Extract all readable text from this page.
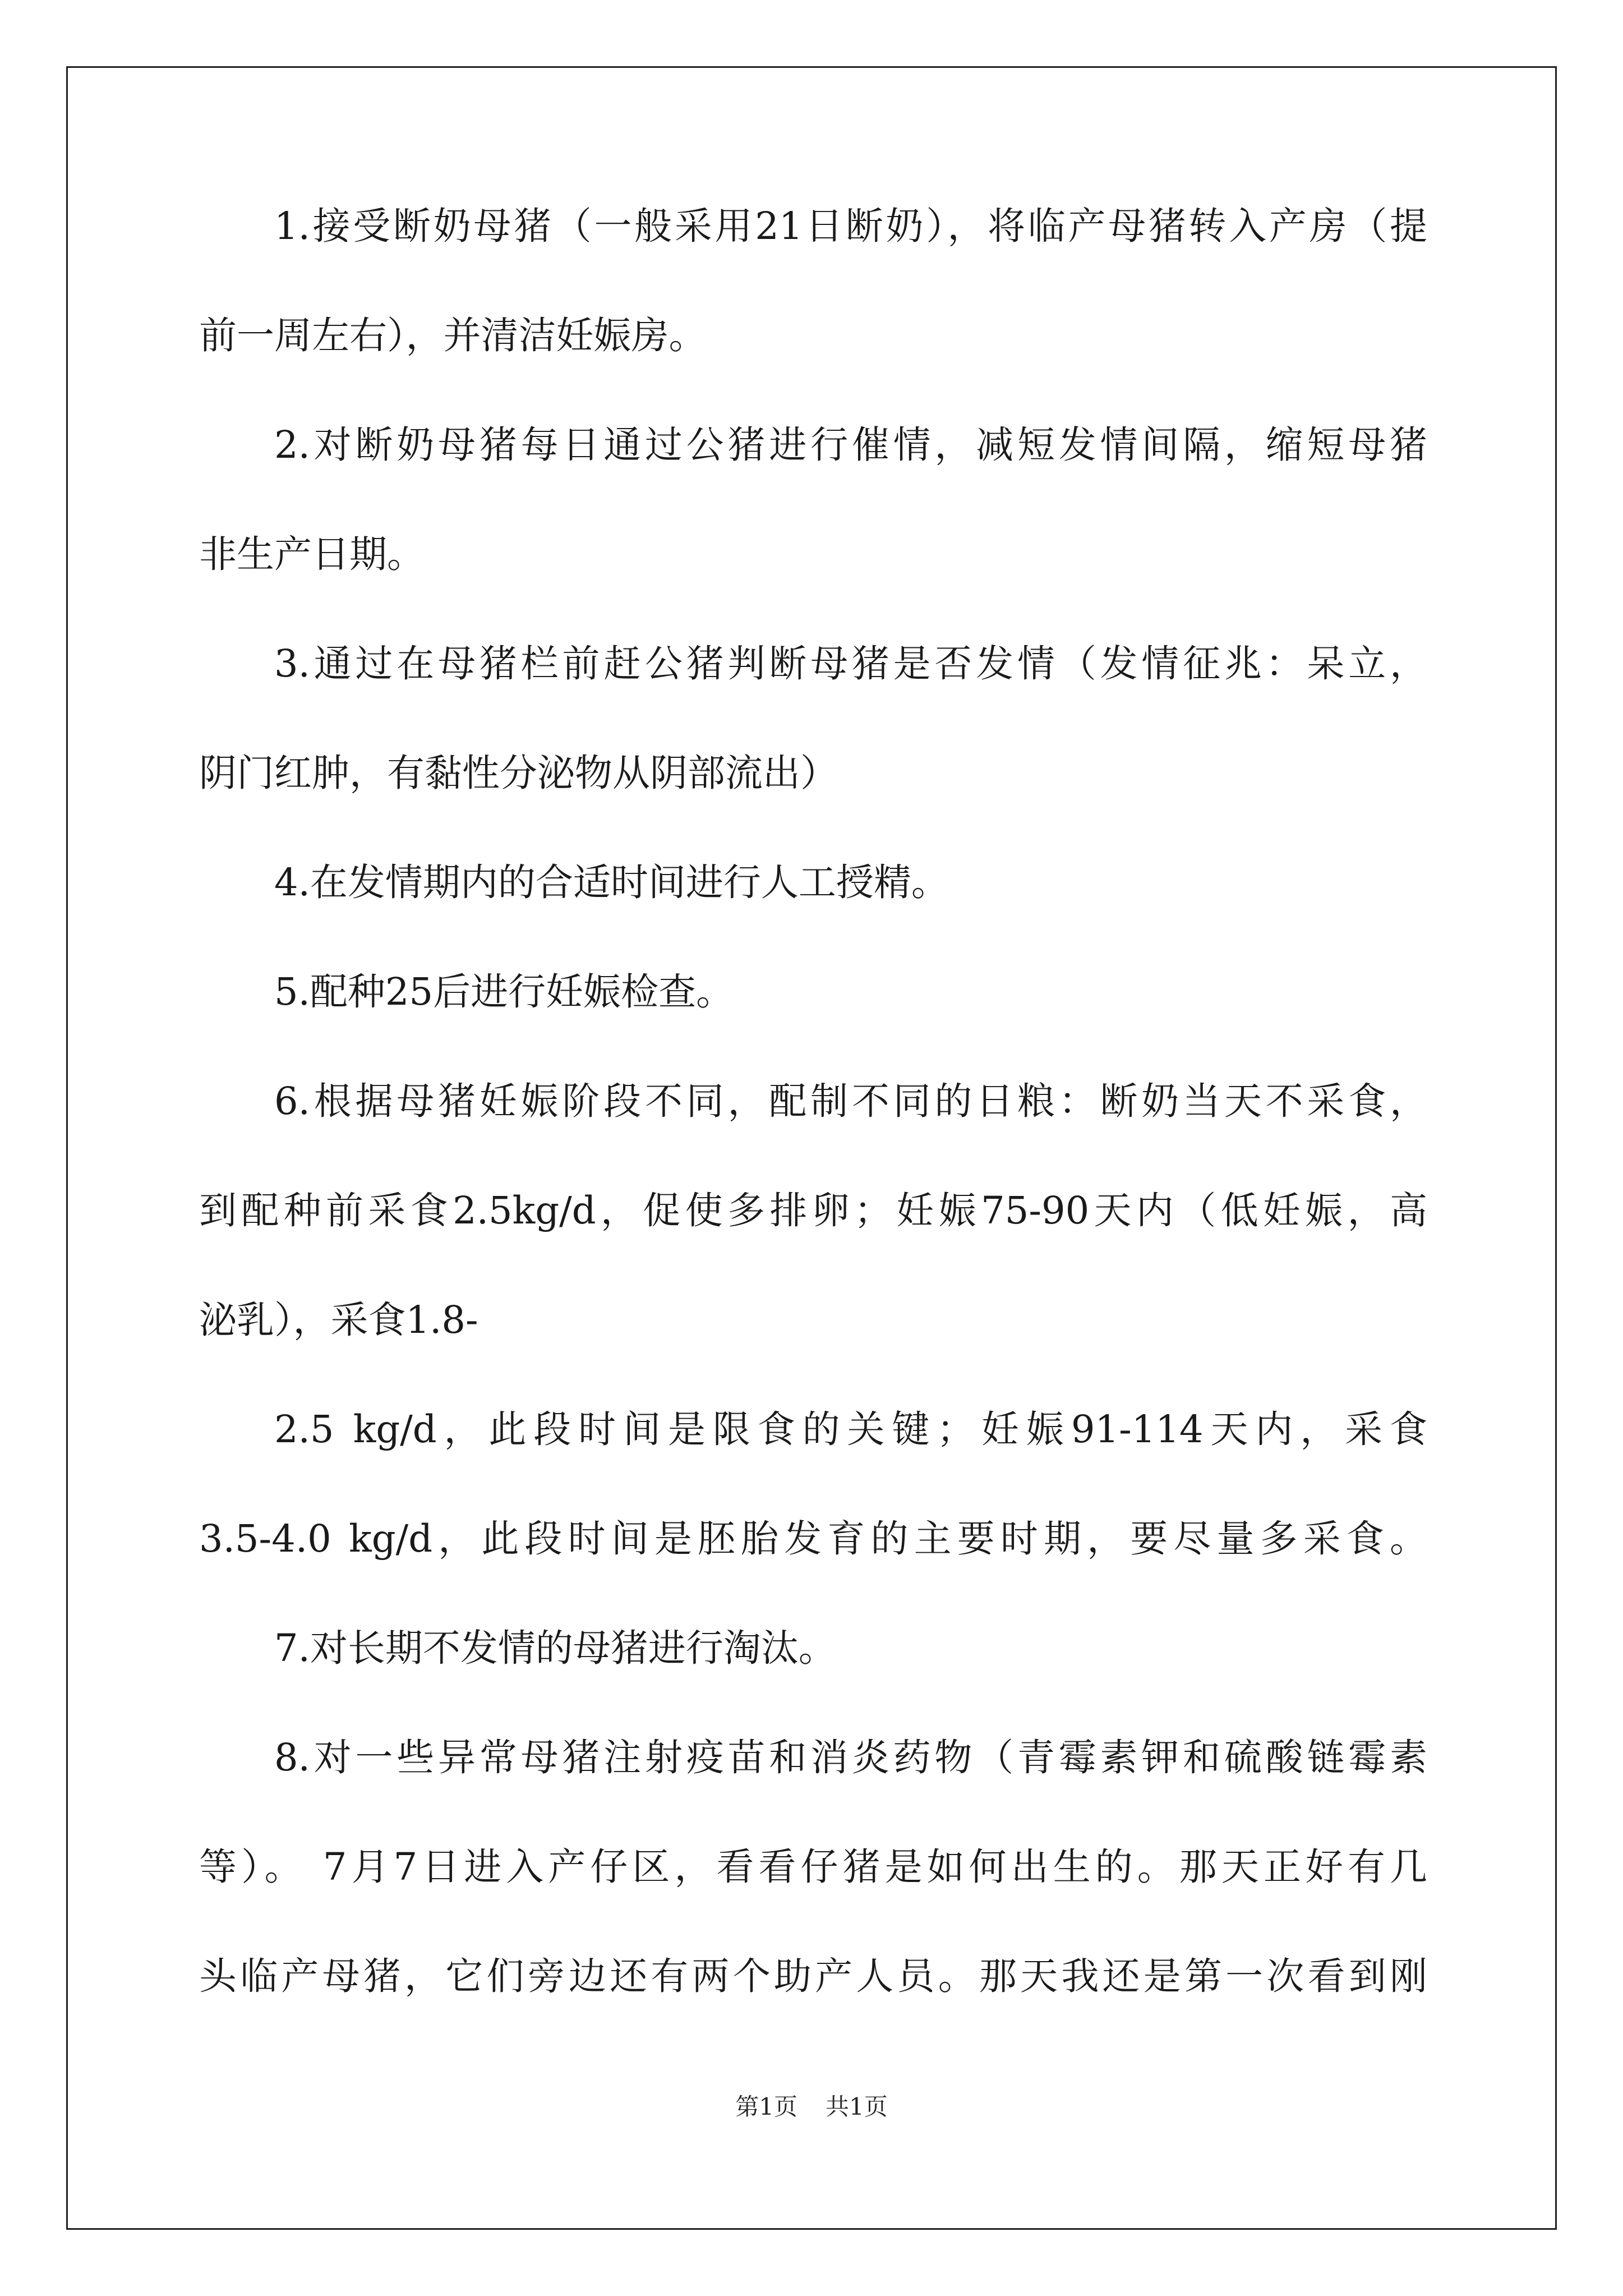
1.接受断奶母猪（一般采用21日断奶），将临产母猪转入产房（提
前一周左右），并清洁妊娠房。
2.对断奶母猪每日通过公猪进行催情，减短发情间隔，缩短母猪
非生产日期。
3.通过在母猪栏前赶公猪判断母猪是否发情（发情征兆：呆立，
阴门红肿，有黏性分泌物从阴部流出）
4.在发情期内的合适时间进行人工授精。
5.配种25后进行妊娠检查。
6.根据母猪妊娠阶段不同，配制不同的日粮：断奶当天不采食，
到配种前采食2.5kg/d，促使多排卵；妊娠75-90天内（低妊娠，高
泌乳），采食1.8-
2.5 kg/d，此段时间是限食的关键；妊娠91-114天内，采食
3.5-4.0 kg/d，此段时间是胚胎发育的主要时期，要尽量多采食。
7.对长期不发情的母猪进行淘汰。
8.对一些异常母猪注射疫苗和消炎药物（青霉素钾和硫酸链霉素
等）。 7月7日进入产仔区，看看仔猪是如何出生的。那天正好有几
头临产母猪，它们旁边还有两个助产人员。那天我还是第一次看到刚
第1页 共1页
